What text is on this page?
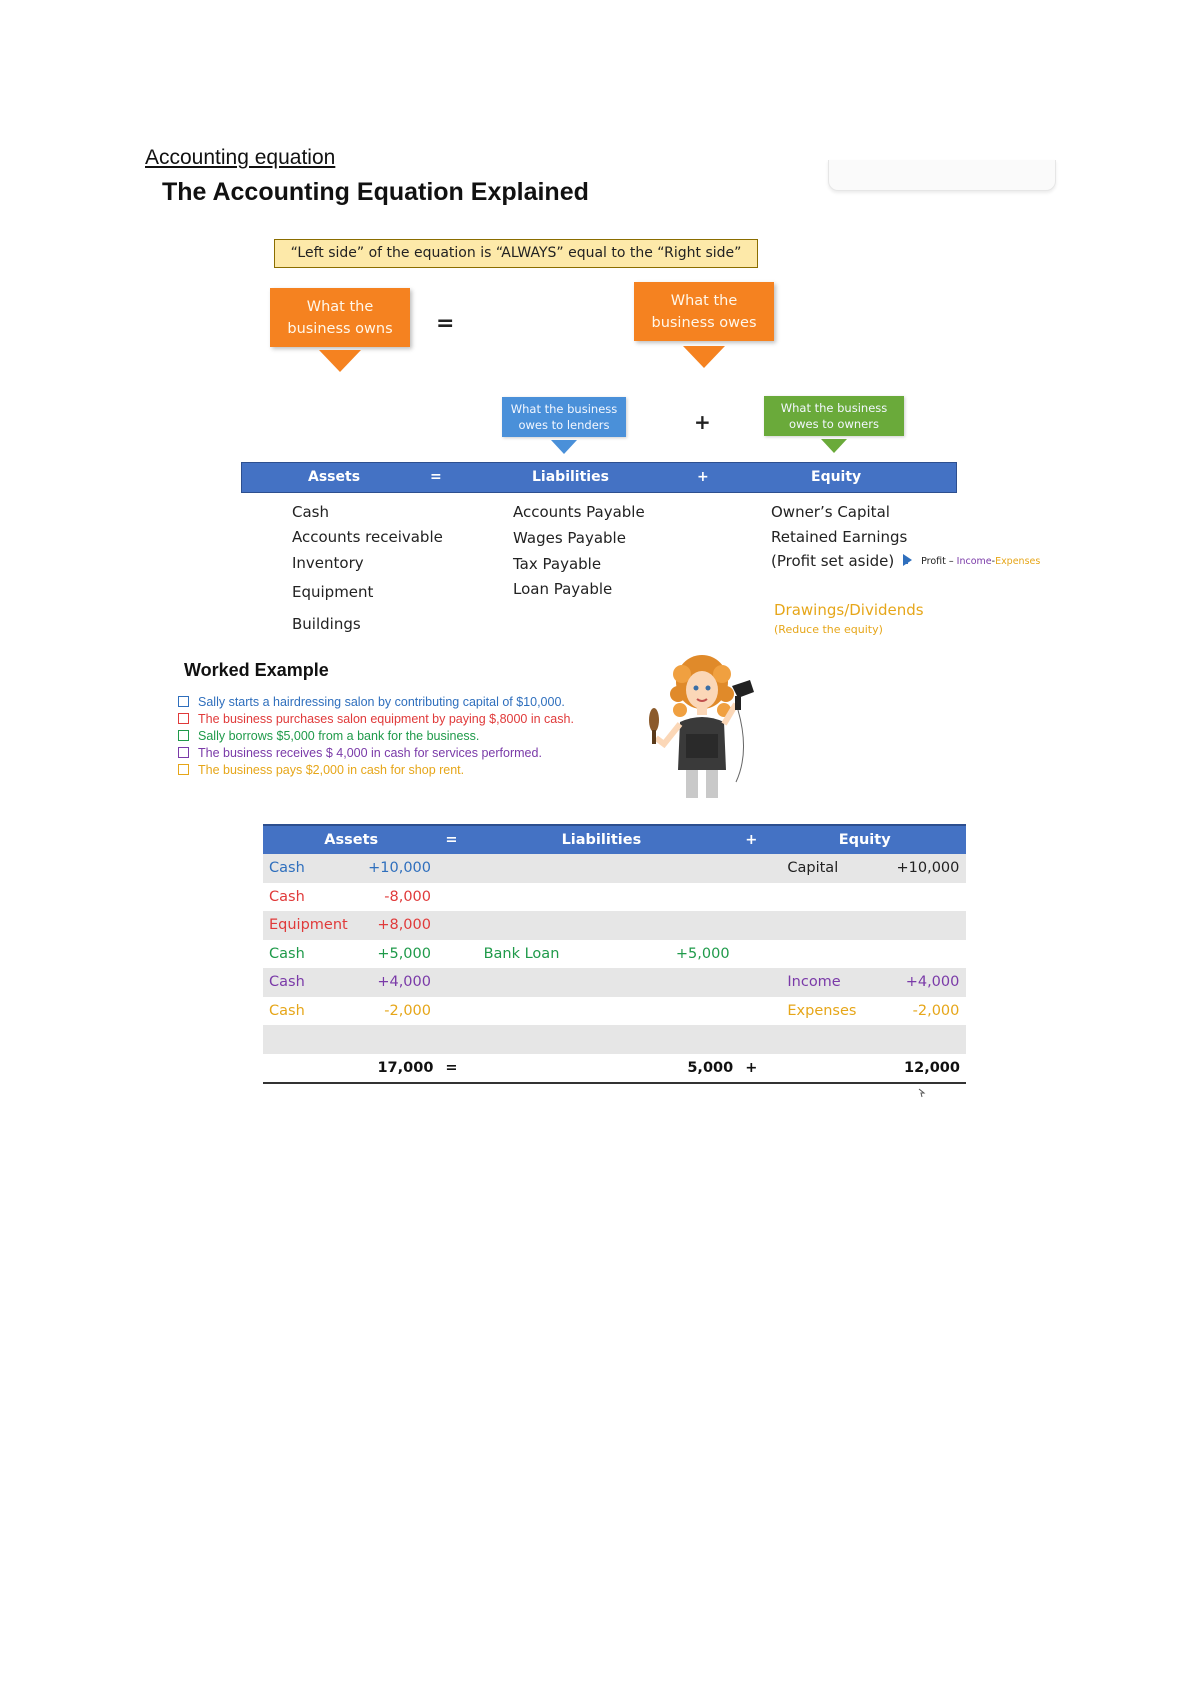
Accounting equation
The Accounting Equation Explained
“Left side” of the equation is “ALWAYS” equal to the “Right side”
What the business owns =
What the business owes
What the business owes to lenders	+
What the business owes to owners
Assets	=	Liabilities	+	Equity
Cash
Accounts receivable
Inventory
Equipment
Buildings
Accounts Payable
Wages Payable
Tax Payable
Loan Payable
Owner’s Capital
Retained Earnings
(Profit set aside)	Profit – Income-Expenses
Drawings/Dividends
(Reduce the equity)
Worked Example
Sally starts a hairdressing salon by contributing capital of $10,000.
The business purchases salon equipment by paying $,8000 in cash.
Sally borrows $5,000 from a bank for the business.
The business receives $ 4,000 in cash for services performed.
The business pays $2,000 in cash for shop rent.
Assets	=	Liabilities	+	Equity
Cash +10,000				Capital +10,000
Cash -8,000				
Equipment +8,000				
Cash +5,000		Bank Loan +5,000		
Cash +4,000				Income +4,000
Cash -2,000				Expenses -2,000

17,000	=	5,000	+	12,000
